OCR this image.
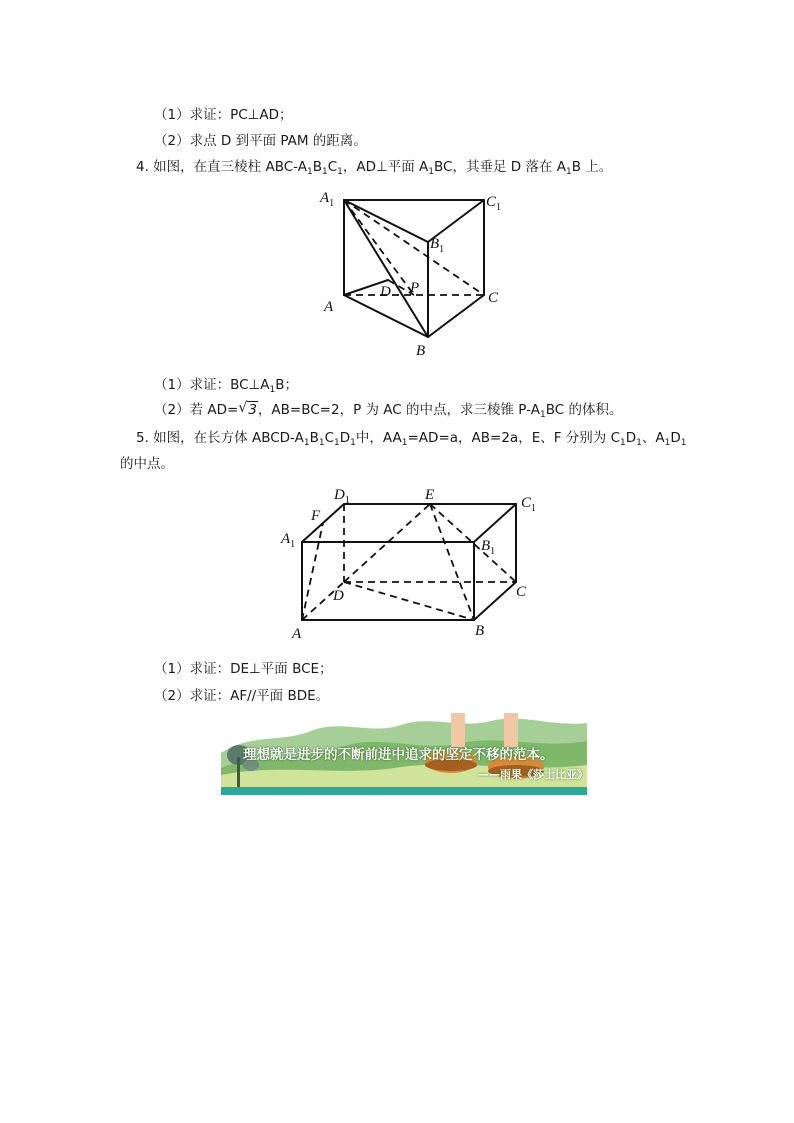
（1）求证：PC⊥AD；
（2）求点 D 到平面 PAM 的距离。
4. 如图，在直三棱柱 ABC-$A_1B_1C_1$，AD⊥平面 $A_1BC$，其垂足 D 落在 $A_1B$ 上。
$A_1$	$C_1$
$B_1$
A
D P
C
B
（1）求证：$BC\perp A_1B$；
（2）若 AD= √ 3，AB=BC=2，P 为 AC 的中点，求三棱锥 $P-A_1BC$ 的体积。
5. 如图，在长方体 ABCD-$A_1B_1C_1D_1$中，$AA_1=AD=a$，AB=2a，E、F 分别为 $C_1D_1$、$A_1D_1$
的中点。
$D_1$	E	$C_1$
F
$A_1$	$B_1$
D	C
A	B
（1）求证：DE⊥平面 BCE；
（2）求证：AF//平面 BDE。
理想就是进步的不断前进中追求的坚定不移的范本。
——雨果《莎士比亚》
